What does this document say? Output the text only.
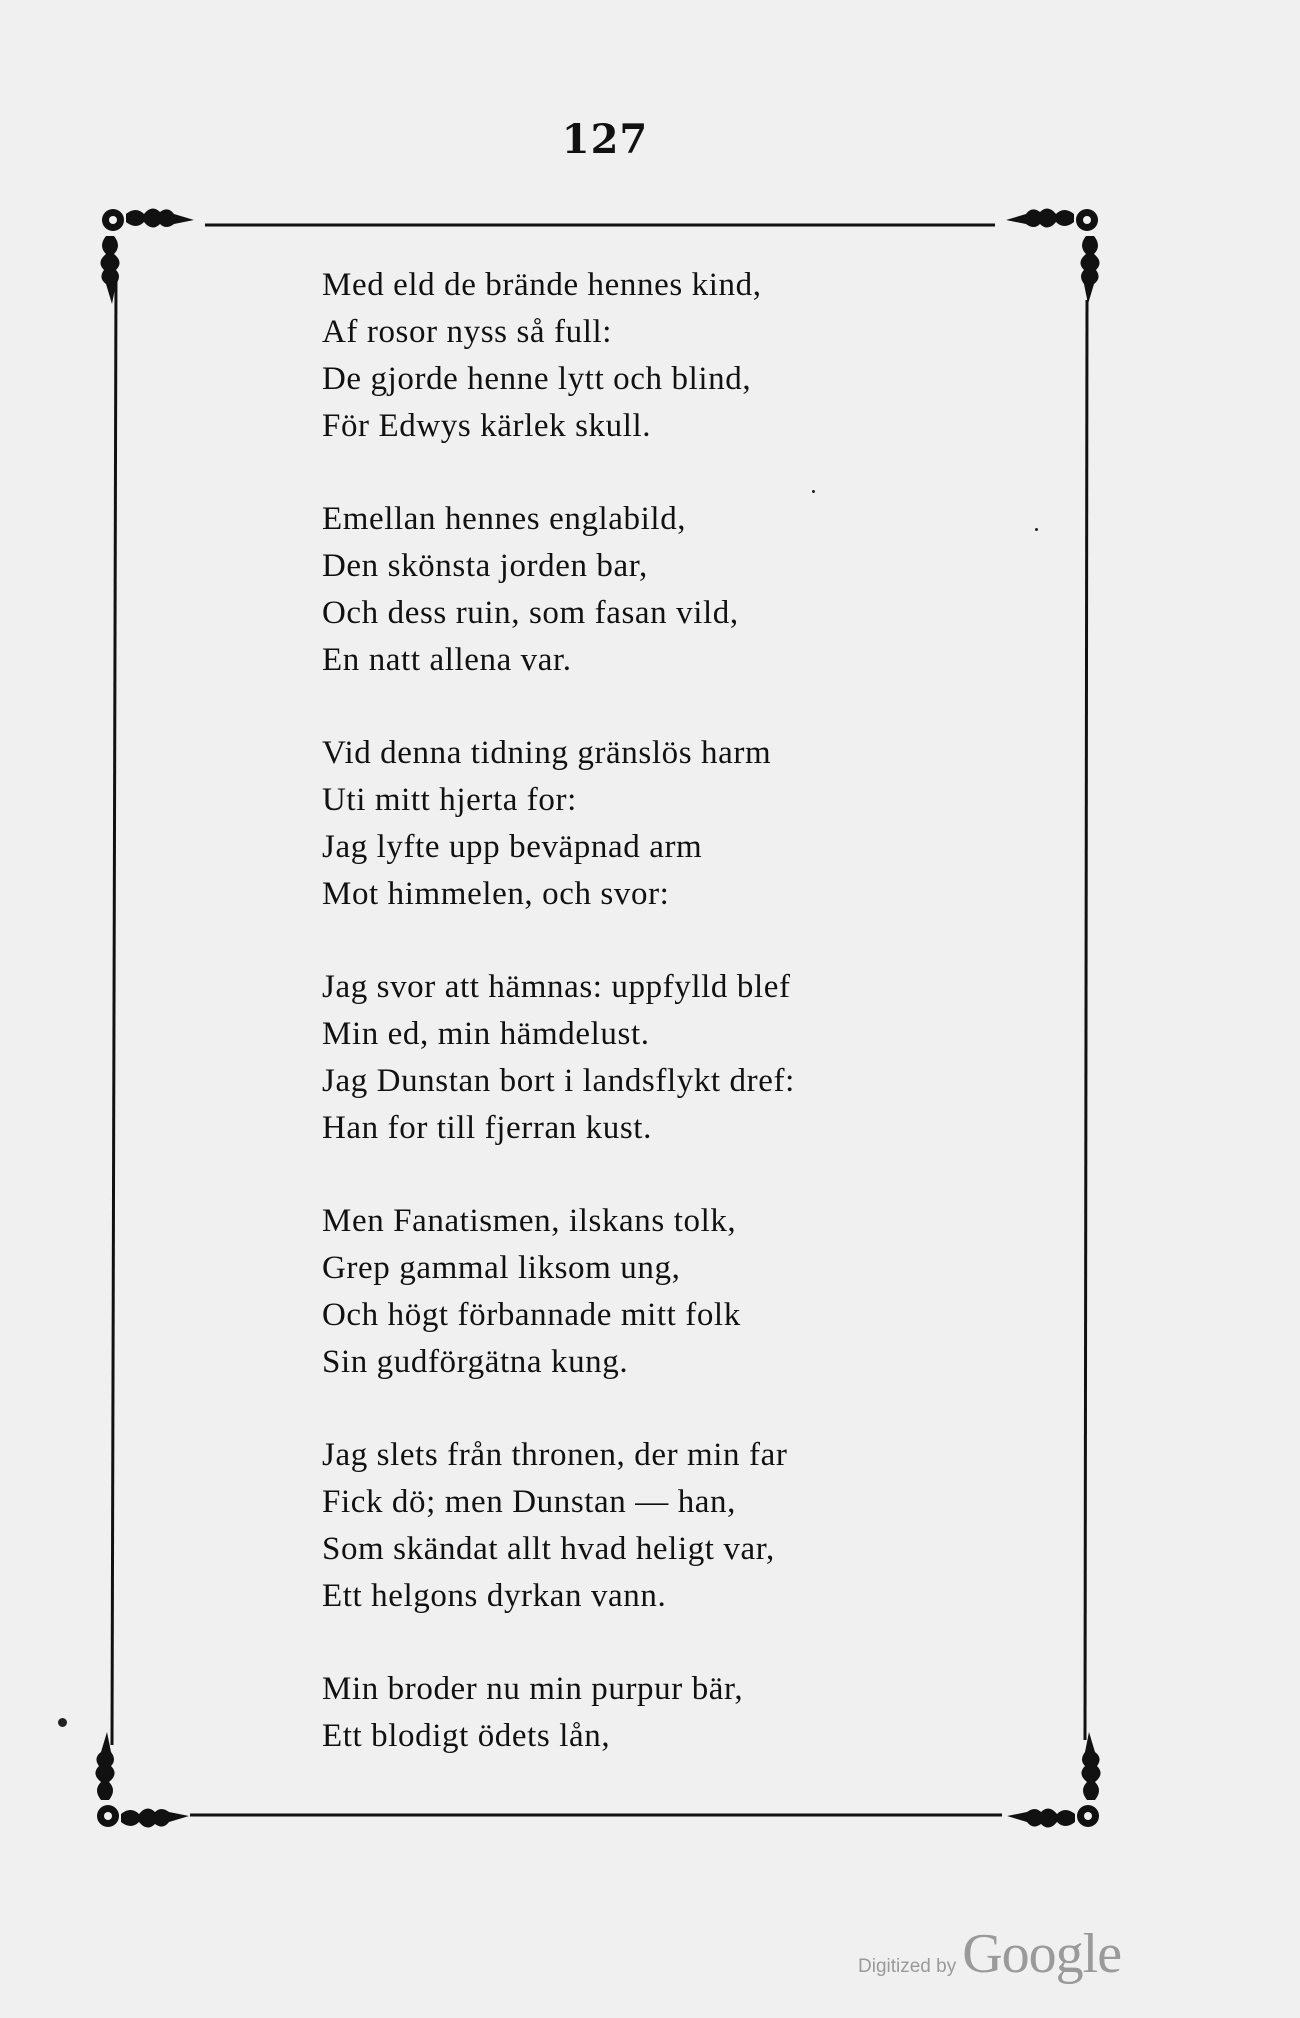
127
Med eld de brände hennes kind,
Af rosor nyss så full:
De gjorde henne lytt och blind,
För Edwys kärlek skull.
Emellan hennes englabild,
Den skönsta jorden bar,
Och dess ruin, som fasan vild,
En natt allena var.
Vid denna tidning gränslös harm
Uti mitt hjerta for:
Jag lyfte upp beväpnad arm
Mot himmelen, och svor:
Jag svor att hämnas: uppfylld blef
Min ed, min hämdelust.
Jag Dunstan bort i landsflykt dref:
Han for till fjerran kust.
Men Fanatismen, ilskans tolk,
Grep gammal liksom ung,
Och högt förbannade mitt folk
Sin gudförgätna kung.
Jag slets från thronen, der min far
Fick dö; men Dunstan — han,
Som skändat allt hvad heligt var,
Ett helgons dyrkan vann.
Min broder nu min purpur bär,
Ett blodigt ödets lån,
Digitized by Google
